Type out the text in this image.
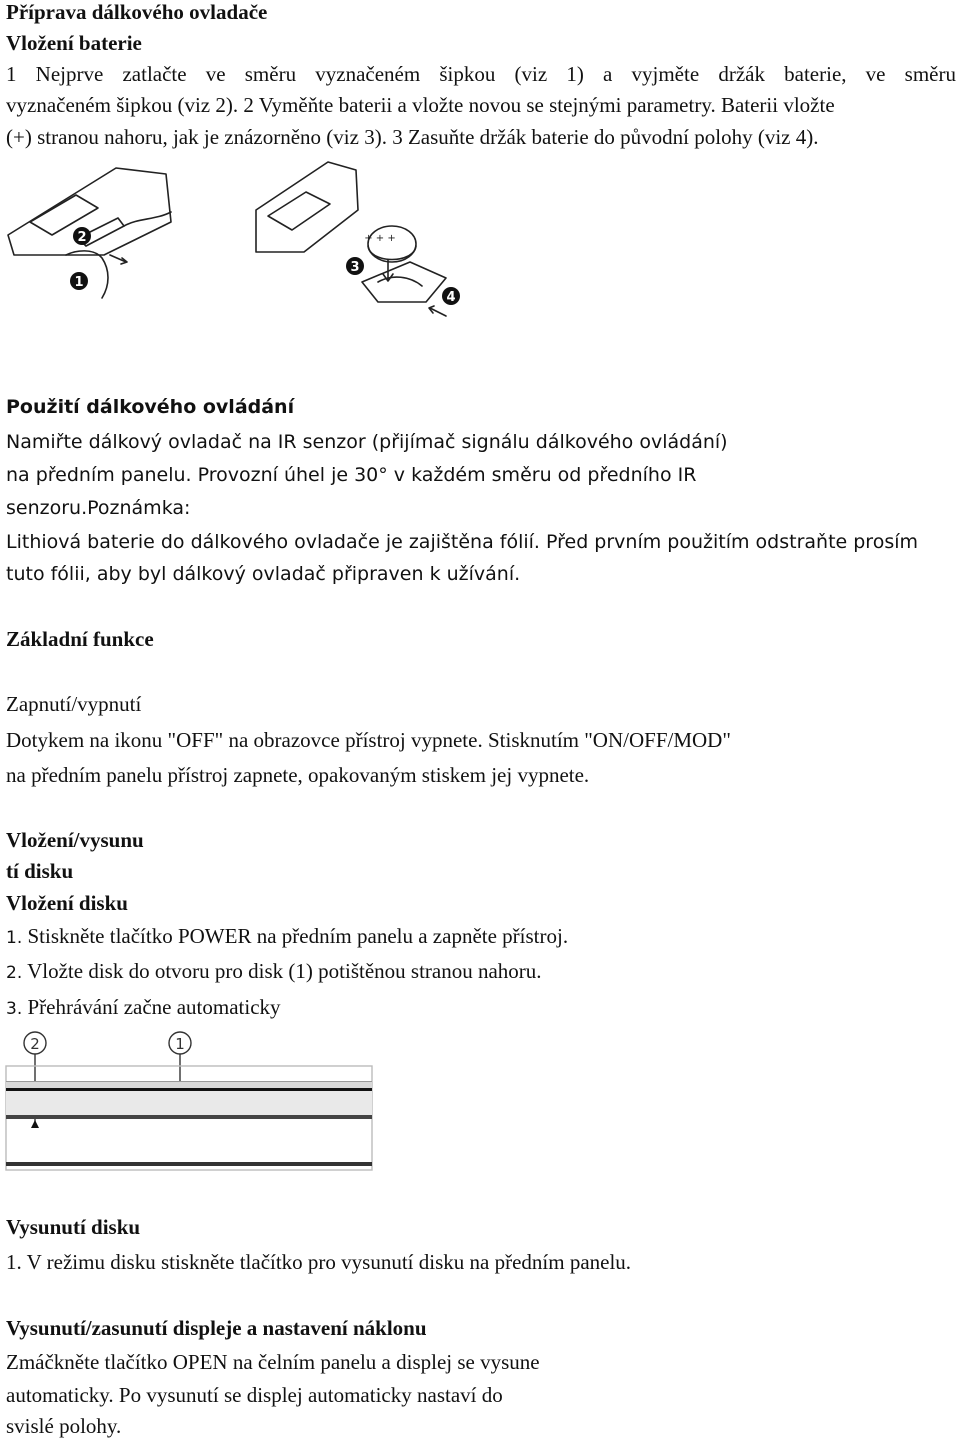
Příprava dálkového ovladače
Vložení baterie
1 Nejprve zatlačte ve směru vyznačeném šipkou (viz 1) a vyjměte držák baterie, ve směru
vyznačeném šipkou (viz 2). 2 Vyměňte baterii a vložte novou se stejnými parametry. Baterii vložte
(+) stranou nahoru, jak je znázorněno (viz 3). 3 Zasuňte držák baterie do původní polohy (viz 4).
+ + +
1
2
3
4
Použití dálkového ovládání
Namiřte dálkový ovladač na IR senzor (přijímač signálu dálkového ovládání)
na předním panelu. Provozní úhel je 30° v každém směru od předního IR
senzoru.Poznámka:
Lithiová baterie do dálkového ovladače je zajištěna fólií. Před prvním použitím odstraňte prosím
tuto fólii, aby byl dálkový ovladač připraven k užívání.
Základní funkce
Zapnutí/vypnutí
Dotykem na ikonu "OFF" na obrazovce přístroj vypnete. Stisknutím "ON/OFF/MOD"
na předním panelu přístroj zapnete, opakovaným stiskem jej vypnete.
Vložení/vysunu
tí disku
Vložení disku
1. Stiskněte tlačítko POWER na předním panelu a zapněte přístroj.
2. Vložte disk do otvoru pro disk (1) potištěnou stranou nahoru.
3. Přehrávání začne automaticky
2	1
Vysunutí disku
1. V režimu disku stiskněte tlačítko pro vysunutí disku na předním panelu.
Vysunutí/zasunutí displeje a nastavení náklonu
Zmáčkněte tlačítko OPEN na čelním panelu a displej se vysune
automaticky. Po vysunutí se displej automaticky nastaví do
svislé polohy.
